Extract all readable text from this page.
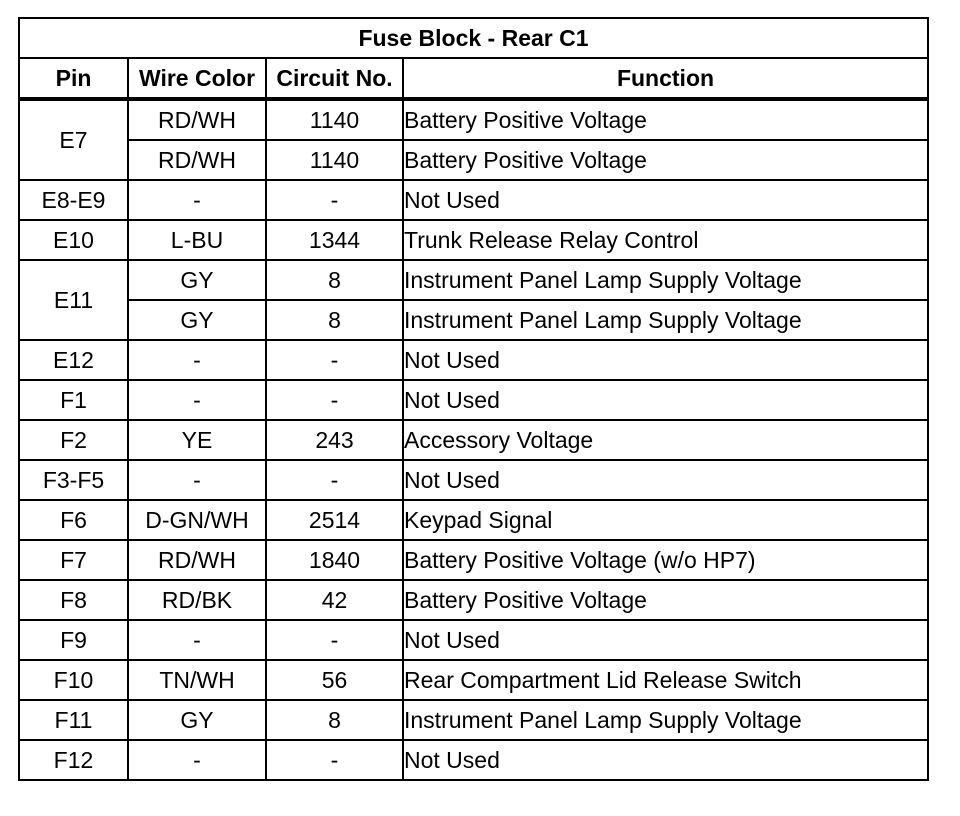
Fuse Block - Rear C1			
Pin	Wire Color	Circuit No.	Function
E7	RD/WH	1140	Battery Positive Voltage
	RD/WH	1140	Battery Positive Voltage
E8-E9	-	-	Not Used
E10	L-BU	1344	Trunk Release Relay Control
E11	GY	8	Instrument Panel Lamp Supply Voltage
	GY	8	Instrument Panel Lamp Supply Voltage
E12	-	-	Not Used
F1	-	-	Not Used
F2	YE	243	Accessory Voltage
F3-F5	-	-	Not Used
F6	D-GN/WH	2514	Keypad Signal
F7	RD/WH	1840	Battery Positive Voltage (w/o HP7)
F8	RD/BK	42	Battery Positive Voltage
F9	-	-	Not Used
F10	TN/WH	56	Rear Compartment Lid Release Switch
F11	GY	8	Instrument Panel Lamp Supply Voltage
F12	-	-	Not Used
